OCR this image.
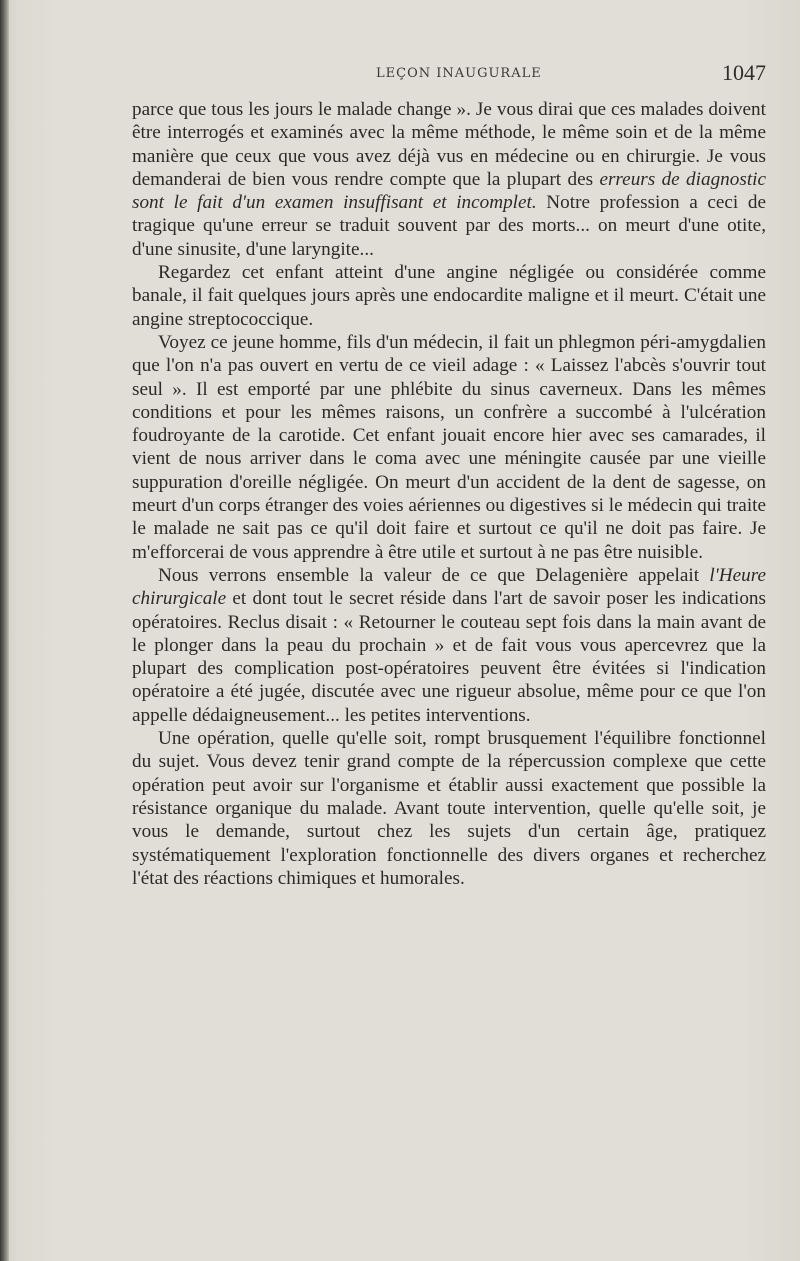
LEÇON INAUGURALE	1047

parce que tous les jours le malade change ». Je vous dirai que ces malades doivent être interrogés et examinés avec la même méthode, le même soin et de la même manière que ceux que vous avez déjà vus en médecine ou en chirurgie. Je vous demanderai de bien vous rendre compte que la plupart des erreurs de diagnostic sont le fait d'un examen insuffisant et incomplet. Notre profession a ceci de tragique qu'une erreur se traduit souvent par des morts... on meurt d'une otite, d'une sinusite, d'une laryngite...

Regardez cet enfant atteint d'une angine négligée ou considérée comme banale, il fait quelques jours après une endocardite maligne et il meurt. C'était une angine streptococcique.

Voyez ce jeune homme, fils d'un médecin, il fait un phlegmon péri-amygdalien que l'on n'a pas ouvert en vertu de ce vieil adage : « Laissez l'abcès s'ouvrir tout seul ». Il est emporté par une phlébite du sinus caverneux. Dans les mêmes conditions et pour les mêmes raisons, un confrère a succombé à l'ulcération foudroyante de la carotide. Cet enfant jouait encore hier avec ses camarades, il vient de nous arriver dans le coma avec une méningite causée par une vieille suppuration d'oreille négligée. On meurt d'un accident de la dent de sagesse, on meurt d'un corps étranger des voies aériennes ou digestives si le médecin qui traite le malade ne sait pas ce qu'il doit faire et surtout ce qu'il ne doit pas faire. Je m'efforcerai de vous apprendre à être utile et surtout à ne pas être nuisible.

Nous verrons ensemble la valeur de ce que Delagenière appelait l'Heure chirurgicale et dont tout le secret réside dans l'art de savoir poser les indications opératoires. Reclus disait : « Retourner le couteau sept fois dans la main avant de le plonger dans la peau du prochain » et de fait vous vous apercevrez que la plupart des complication post-opératoires peuvent être évitées si l'indication opératoire a été jugée, discutée avec une rigueur absolue, même pour ce que l'on appelle dédaigneusement... les petites interventions.

Une opération, quelle qu'elle soit, rompt brusquement l'équilibre fonctionnel du sujet. Vous devez tenir grand compte de la répercussion complexe que cette opération peut avoir sur l'organisme et établir aussi exactement que possible la résistance organique du malade. Avant toute intervention, quelle qu'elle soit, je vous le demande, surtout chez les sujets d'un certain âge, pratiquez systématiquement l'exploration fonctionnelle des divers organes et recherchez l'état des réactions chimiques et humorales.
